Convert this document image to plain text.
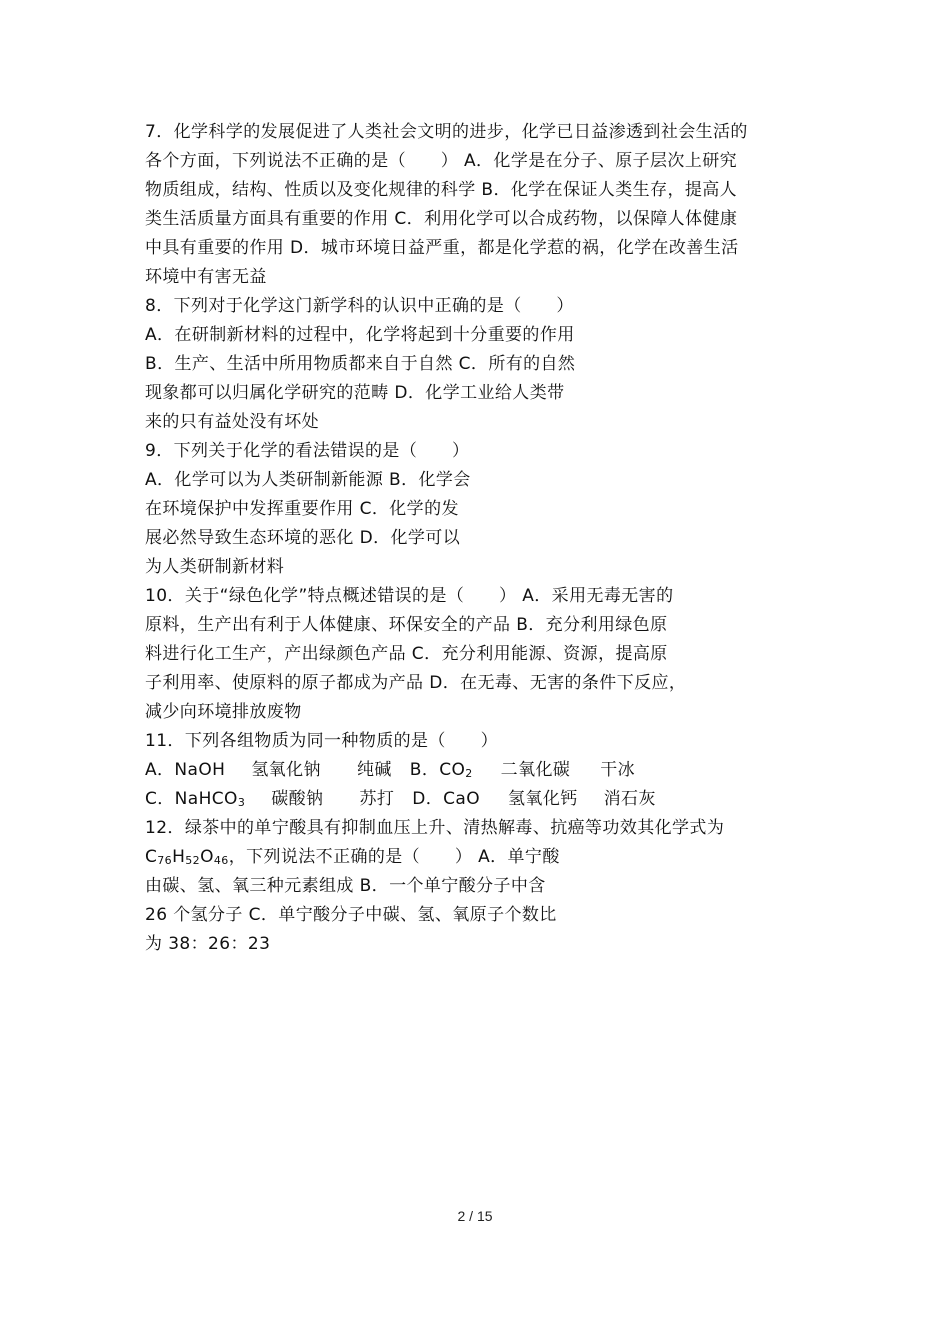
7．化学科学的发展促进了人类社会文明的进步，化学已日益渗透到社会生活的
各个方面，下列说法不正确的是（　　） A．化学是在分子、原子层次上研究
物质组成，结构、性质以及变化规律的科学 B．化学在保证人类生存，提高人
类生活质量方面具有重要的作用 C．利用化学可以合成药物，以保障人体健康
中具有重要的作用 D．城市环境日益严重，都是化学惹的祸，化学在改善生活
环境中有害无益
8．下列对于化学这门新学科的认识中正确的是（　　）
A．在研制新材料的过程中，化学将起到十分重要的作用
B．生产、生活中所用物质都来自于自然 C．所有的自然
现象都可以归属化学研究的范畴 D．化学工业给人类带
来的只有益处没有坏处
9．下列关于化学的看法错误的是（　　）
A．化学可以为人类研制新能源 B．化学会
在环境保护中发挥重要作用 C．化学的发
展必然导致生态环境的恶化 D．化学可以
为人类研制新材料
10．关于“绿色化学”特点概述错误的是（　　） A．采用无毒无害的
原料，生产出有利于人体健康、环保安全的产品 B．充分利用绿色原
料进行化工生产，产出绿颜色产品 C．充分利用能源、资源，提高原
子利用率、使原料的原子都成为产品 D．在无毒、无害的条件下反应，
减少向环境排放废物
11．下列各组物质为同一种物质的是（　　）
A．NaOH 氢氧化钠 纯碱 B．$CO_2$ 二氧化碳 干冰
C．NaHCO$_3$ 碳酸钠 苏打 D．CaO 氢氧化钙 消石灰
12．绿茶中的单宁酸具有抑制血压上升、清热解毒、抗癌等功效其化学式为
$C_{76}H_{52}O_{46}$，下列说法不正确的是（　　） A．单宁酸
由碳、氢、氧三种元素组成 B．一个单宁酸分子中含
26 个氢分子 C．单宁酸分子中碳、氢、氧原子个数比
为 38：26：23
2 / 15
